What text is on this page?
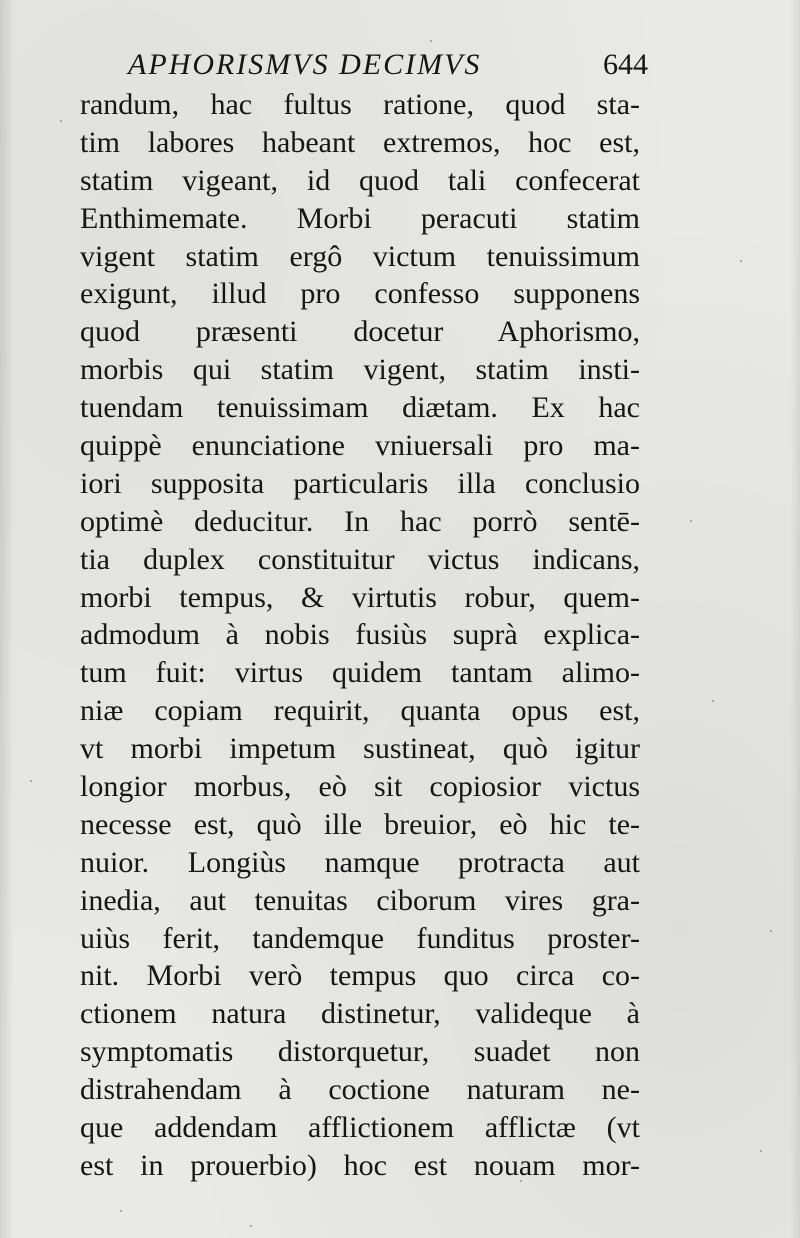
APHORISMVS DECIMVS	644
randum, hac fultus ratione, quod sta-
tim labores habeant extremos, hoc est,
statim vigeant, id quod tali confecerat
Enthimemate. Morbi peracuti statim
vigent statim ergô victum tenuissimum
exigunt, illud pro confesso supponens
quod præsenti docetur Aphorismo,
morbis qui statim vigent, statim insti-
tuendam tenuissimam diætam. Ex hac
quippè enunciatione vniuersali pro ma-
iori supposita particularis illa conclusio
optimè deducitur. In hac porrò sentē-
tia duplex constituitur victus indicans,
morbi tempus, & virtutis robur, quem-
admodum à nobis fusiùs suprà explica-
tum fuit: virtus quidem tantam alimo-
niæ copiam requirit, quanta opus est,
vt morbi impetum sustineat, quò igitur
longior morbus, eò sit copiosior victus
necesse est, quò ille breuior, eò hic te-
nuior. Longiùs namque protracta aut
inedia, aut tenuitas ciborum vires gra-
uiùs ferit, tandemque funditus proster-
nit. Morbi verò tempus quo circa co-
ctionem natura distinetur, valideque à
symptomatis distorquetur, suadet non
distrahendam à coctione naturam ne-
que addendam afflictionem afflictæ (vt
est in prouerbio) hoc est nouam mor-
